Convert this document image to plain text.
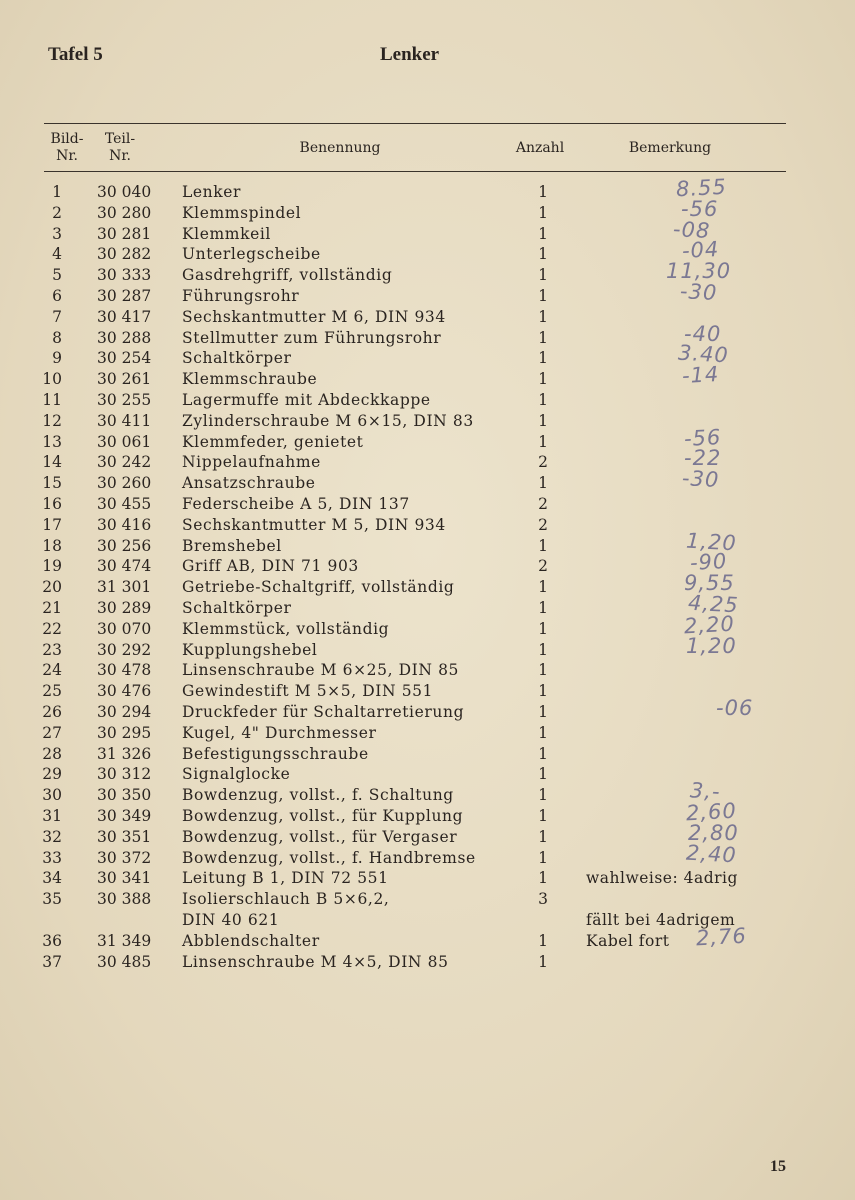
Tafel 5	Lenker
Bild-
Nr.
Teil-
Nr.	Benennung	Anzahl	Bemerkung
1 30 040	Lenker	1	8.55
2 30 280	Klemmspindel	1	-56
3 30 281	Klemmkeil	1	-08
4 30 282	Unterlegscheibe	1	-04
5 30 333	Gasdrehgriff, vollständig	1	11,30
6 30 287	Führungsrohr	1	-30
7 30 417	Sechskantmutter M 6, DIN 934	1
8 30 288	Stellmutter zum Führungsrohr	1	-40
9 30 254	Schaltkörper	1	3.40
10 30 261	Klemmschraube	1	-14
11 30 255	Lagermuffe mit Abdeckkappe	1
12 30 411	Zylinderschraube M 6×15, DIN 83	1
13 30 061	Klemmfeder, genietet	1	-56
14 30 242	Nippelaufnahme	2	-22
15 30 260	Ansatzschraube	1	-30
16 30 455	Federscheibe A 5, DIN 137	2
17 30 416	Sechskantmutter M 5, DIN 934	2
18 30 256	Bremshebel	1	1,20
19 30 474	Griff AB, DIN 71 903	2	-90
20 31 301	Getriebe-Schaltgriff, vollständig	1	9,55
21 30 289	Schaltkörper	1	4,25
22 30 070	Klemmstück, vollständig	1	2,20
23 30 292	Kupplungshebel	1	1,20
24 30 478	Linsenschraube M 6×25, DIN 85	1
25 30 476	Gewindestift M 5×5, DIN 551	1
26 30 294	Druckfeder für Schaltarretierung	1	-06
27 30 295	Kugel, 4" Durchmesser	1
28 31 326	Befestigungsschraube	1
29 30 312	Signalglocke	1
30 30 350	Bowdenzug, vollst., f. Schaltung	1	3,-
31 30 349	Bowdenzug, vollst., für Kupplung	1	2,60
32 30 351	Bowdenzug, vollst., für Vergaser	1	2,80
33 30 372	Bowdenzug, vollst., f. Handbremse	1	2,40
34 30 341	Leitung B 1, DIN 72 551	1	wahlweise: 4adrig
35 30 388	Isolierschlauch B 5×6,2,	3
DIN 40 621	fällt bei 4adrigem
36 31 349	Abblendschalter	1	Kabel fort 2,76
37 30 485	Linsenschraube M 4×5, DIN 85	1
15
